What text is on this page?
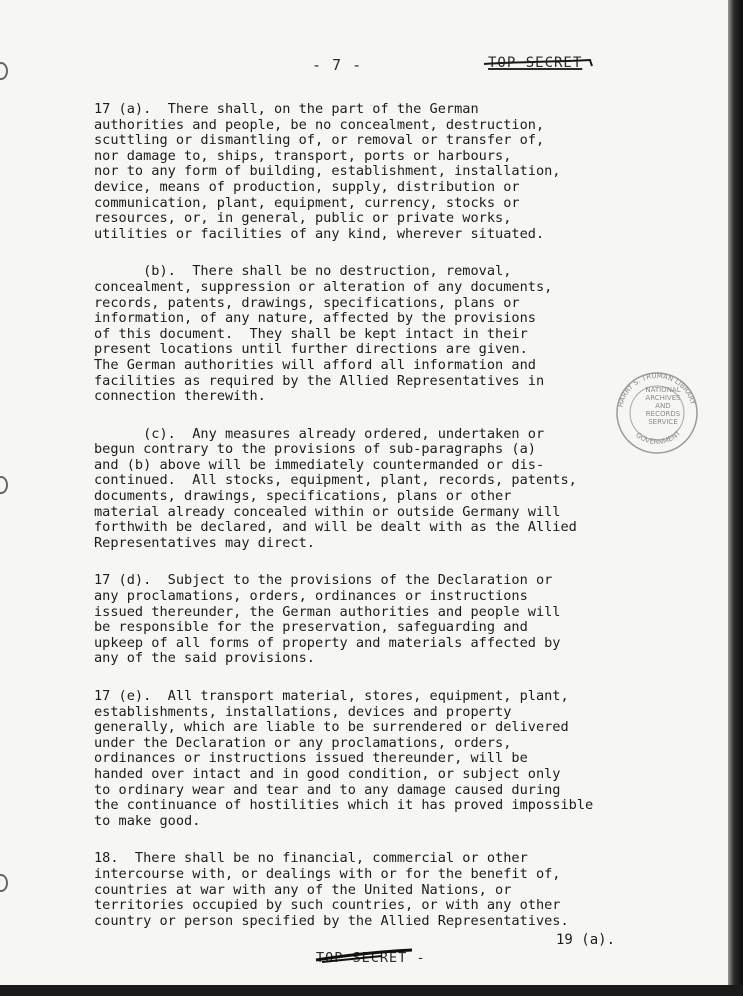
- 7 -	TOP SECRET
HARRY S. TRUMAN LIBRARY
GOVERNMENT
NATIONAL ARCHIVES AND RECORDS SERVICE

17 (a).  There shall, on the part of the German
authorities and people, be no concealment, destruction,
scuttling or dismantling of, or removal or transfer of,
nor damage to, ships, transport, ports or harbours,
nor to any form of building, establishment, installation,
device, means of production, supply, distribution or
communication, plant, equipment, currency, stocks or
resources, or, in general, public or private works,
utilities or facilities of any kind, wherever situated.

(b).  There shall be no destruction, removal,
concealment, suppression or alteration of any documents,
records, patents, drawings, specifications, plans or
information, of any nature, affected by the provisions
of this document.  They shall be kept intact in their
present locations until further directions are given.
The German authorities will afford all information and
facilities as required by the Allied Representatives in
connection therewith.

(c).  Any measures already ordered, undertaken or
begun contrary to the provisions of sub-paragraphs (a)
and (b) above will be immediately countermanded or dis-
continued.  All stocks, equipment, plant, records, patents,
documents, drawings, specifications, plans or other
material already concealed within or outside Germany will
forthwith be declared, and will be dealt with as the Allied
Representatives may direct.

17 (d).  Subject to the provisions of the Declaration or
any proclamations, orders, ordinances or instructions
issued thereunder, the German authorities and people will
be responsible for the preservation, safeguarding and
upkeep of all forms of property and materials affected by
any of the said provisions.

17 (e).  All transport material, stores, equipment, plant,
establishments, installations, devices and property
generally, which are liable to be surrendered or delivered
under the Declaration or any proclamations, orders,
ordinances or instructions issued thereunder, will be
handed over intact and in good condition, or subject only
to ordinary wear and tear and to any damage caused during
the continuance of hostilities which it has proved impossible
to make good.

18.  There shall be no financial, commercial or other
intercourse with, or dealings with or for the benefit of,
countries at war with any of the United Nations, or
territories occupied by such countries, or with any other
country or person specified by the Allied Representatives.

19 (a).
TOP SECRET -
